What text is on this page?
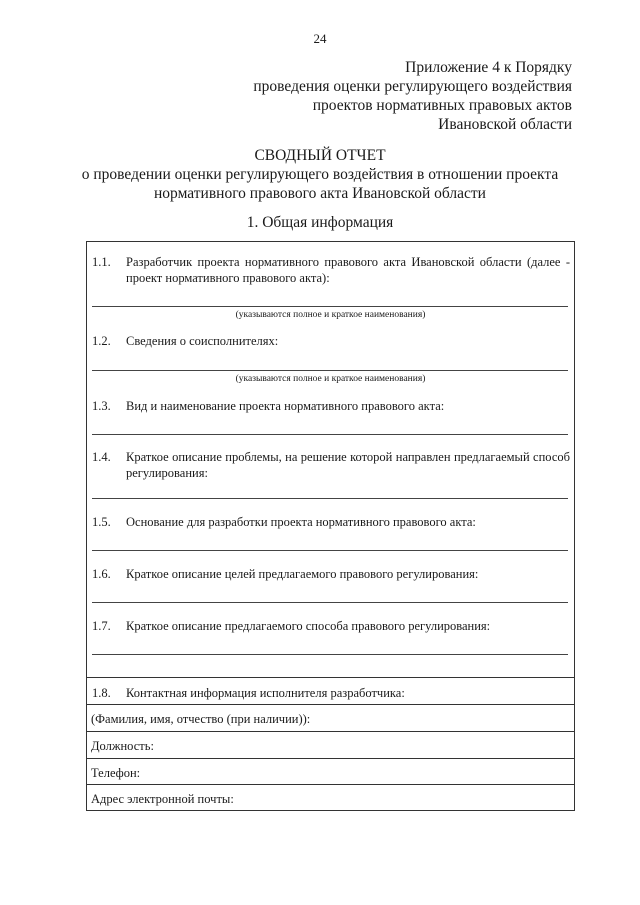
24
Приложение 4 к Порядку
проведения оценки регулирующего воздействия
проектов нормативных правовых актов
Ивановской области
СВОДНЫЙ ОТЧЕТ
о проведении оценки регулирующего воздействия в отношении проекта
нормативного правового акта Ивановской области
1. Общая информация
1.1. Разработчик проекта нормативного правового акта Ивановской области (далее - проект нормативного правового акта):
(указываются полное и краткое наименования)
1.2. Сведения о соисполнителях:
(указываются полное и краткое наименования)
1.3. Вид и наименование проекта нормативного правового акта:
1.4. Краткое описание проблемы, на решение которой направлен предлагаемый способ регулирования:
1.5. Основание для разработки проекта нормативного правового акта:
1.6. Краткое описание целей предлагаемого правового регулирования:
1.7. Краткое описание предлагаемого способа правового регулирования:
1.8. Контактная информация исполнителя разработчика:
(Фамилия, имя, отчество (при наличии)):
Должность:
Телефон:
Адрес электронной почты:
